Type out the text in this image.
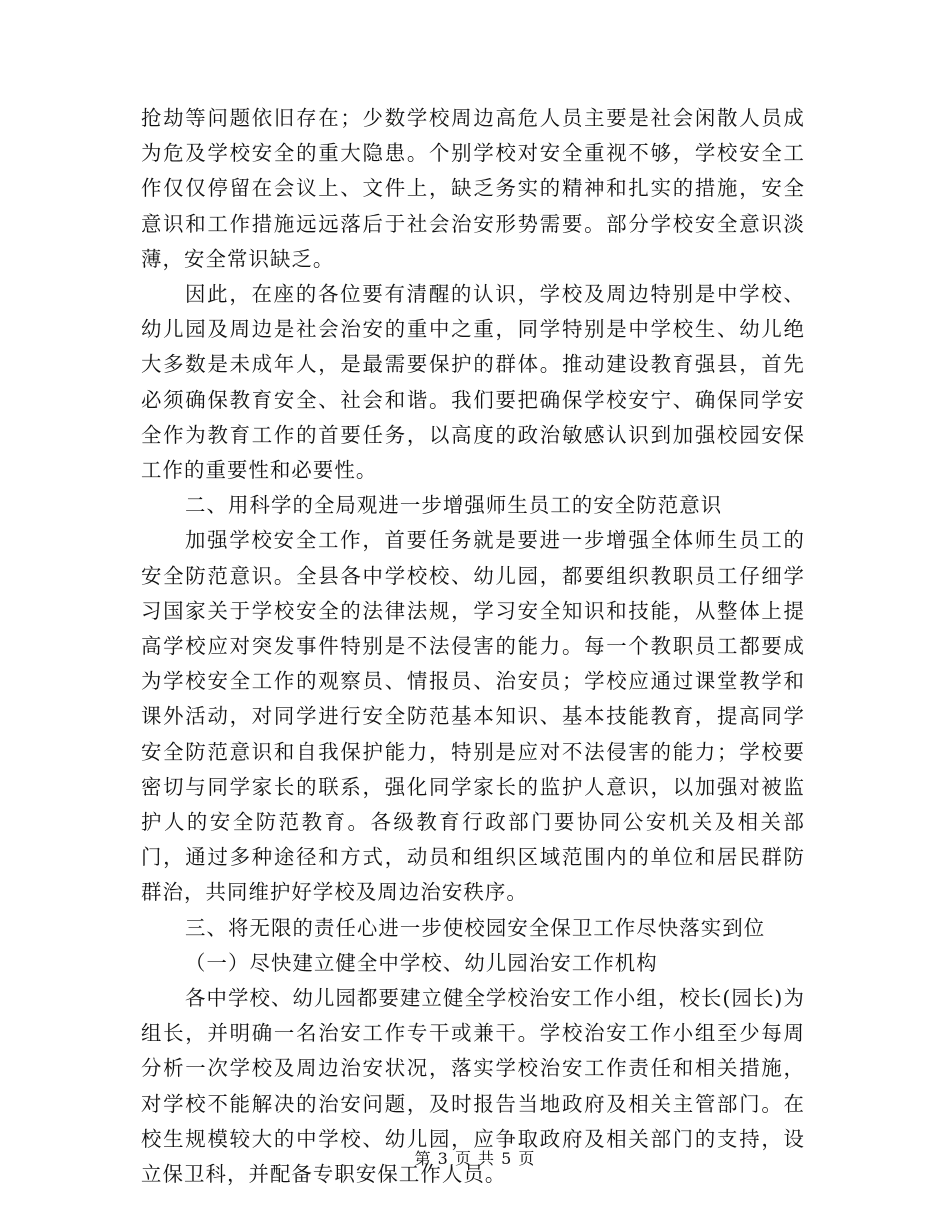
抢劫等问题依旧存在；少数学校周边高危人员主要是社会闲散人员成为危及学校安全的重大隐患。个别学校对安全重视不够，学校安全工作仅仅停留在会议上、文件上，缺乏务实的精神和扎实的措施，安全意识和工作措施远远落后于社会治安形势需要。部分学校安全意识淡薄，安全常识缺乏。

因此，在座的各位要有清醒的认识，学校及周边特别是中学校、幼儿园及周边是社会治安的重中之重，同学特别是中学校生、幼儿绝大多数是未成年人，是最需要保护的群体。推动建设教育强县，首先必须确保教育安全、社会和谐。我们要把确保学校安宁、确保同学安全作为教育工作的首要任务，以高度的政治敏感认识到加强校园安保工作的重要性和必要性。

二、用科学的全局观进一步增强师生员工的安全防范意识

加强学校安全工作，首要任务就是要进一步增强全体师生员工的安全防范意识。全县各中学校校、幼儿园，都要组织教职员工仔细学习国家关于学校安全的法律法规，学习安全知识和技能，从整体上提高学校应对突发事件特别是不法侵害的能力。每一个教职员工都要成为学校安全工作的观察员、情报员、治安员；学校应通过课堂教学和课外活动，对同学进行安全防范基本知识、基本技能教育，提高同学安全防范意识和自我保护能力，特别是应对不法侵害的能力；学校要密切与同学家长的联系，强化同学家长的监护人意识，以加强对被监护人的安全防范教育。各级教育行政部门要协同公安机关及相关部门，通过多种途径和方式，动员和组织区域范围内的单位和居民群防群治，共同维护好学校及周边治安秩序。

三、将无限的责任心进一步使校园安全保卫工作尽快落实到位

（一）尽快建立健全中学校、幼儿园治安工作机构

各中学校、幼儿园都要建立健全学校治安工作小组，校长(园长)为组长，并明确一名治安工作专干或兼干。学校治安工作小组至少每周分析一次学校及周边治安状况，落实学校治安工作责任和相关措施，对学校不能解决的治安问题，及时报告当地政府及相关主管部门。在校生规模较大的中学校、幼儿园，应争取政府及相关部门的支持，设立保卫科，并配备专职安保工作人员。

第 3 页 共 5 页
